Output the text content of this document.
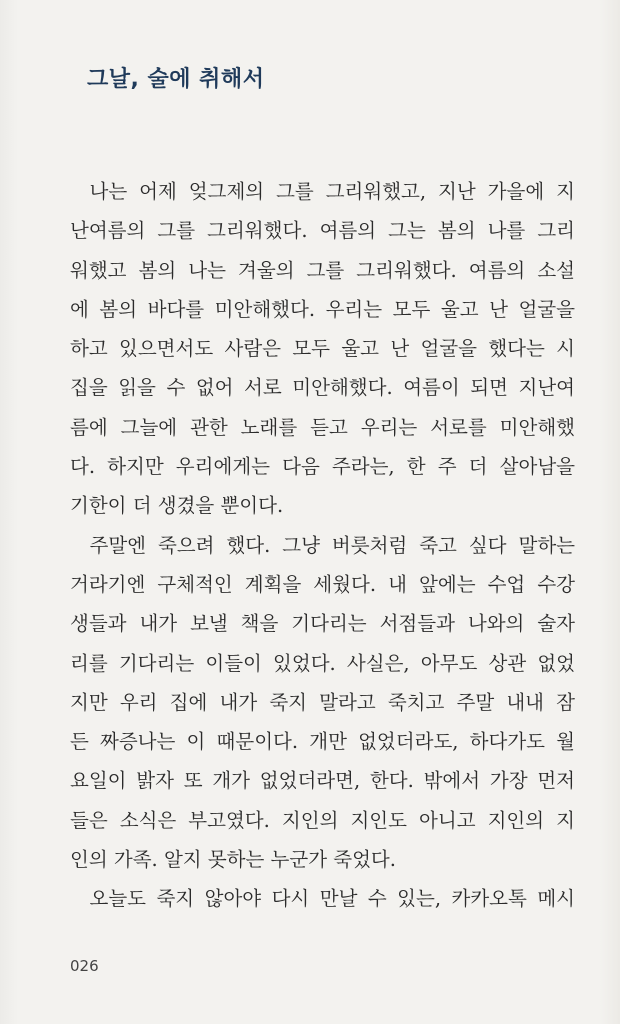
그날, 술에 취해서
나는 어제 엊그제의 그를 그리워했고, 지난 가을에 지
난여름의 그를 그리워했다. 여름의 그는 봄의 나를 그리
워했고 봄의 나는 겨울의 그를 그리워했다. 여름의 소설
에 봄의 바다를 미안해했다. 우리는 모두 울고 난 얼굴을
하고 있으면서도 사람은 모두 울고 난 얼굴을 했다는 시
집을 읽을 수 없어 서로 미안해했다. 여름이 되면 지난여
름에 그늘에 관한 노래를 듣고 우리는 서로를 미안해했
다. 하지만 우리에게는 다음 주라는, 한 주 더 살아남을
기한이 더 생겼을 뿐이다.
주말엔 죽으려 했다. 그냥 버릇처럼 죽고 싶다 말하는
거라기엔 구체적인 계획을 세웠다. 내 앞에는 수업 수강
생들과 내가 보낼 책을 기다리는 서점들과 나와의 술자
리를 기다리는 이들이 있었다. 사실은, 아무도 상관 없었
지만 우리 집에 내가 죽지 말라고 죽치고 주말 내내 잠
든 짜증나는 이 때문이다. 개만 없었더라도, 하다가도 월
요일이 밝자 또 개가 없었더라면, 한다. 밖에서 가장 먼저
들은 소식은 부고였다. 지인의 지인도 아니고 지인의 지
인의 가족. 알지 못하는 누군가 죽었다.
오늘도 죽지 않아야 다시 만날 수 있는, 카카오톡 메시

026
